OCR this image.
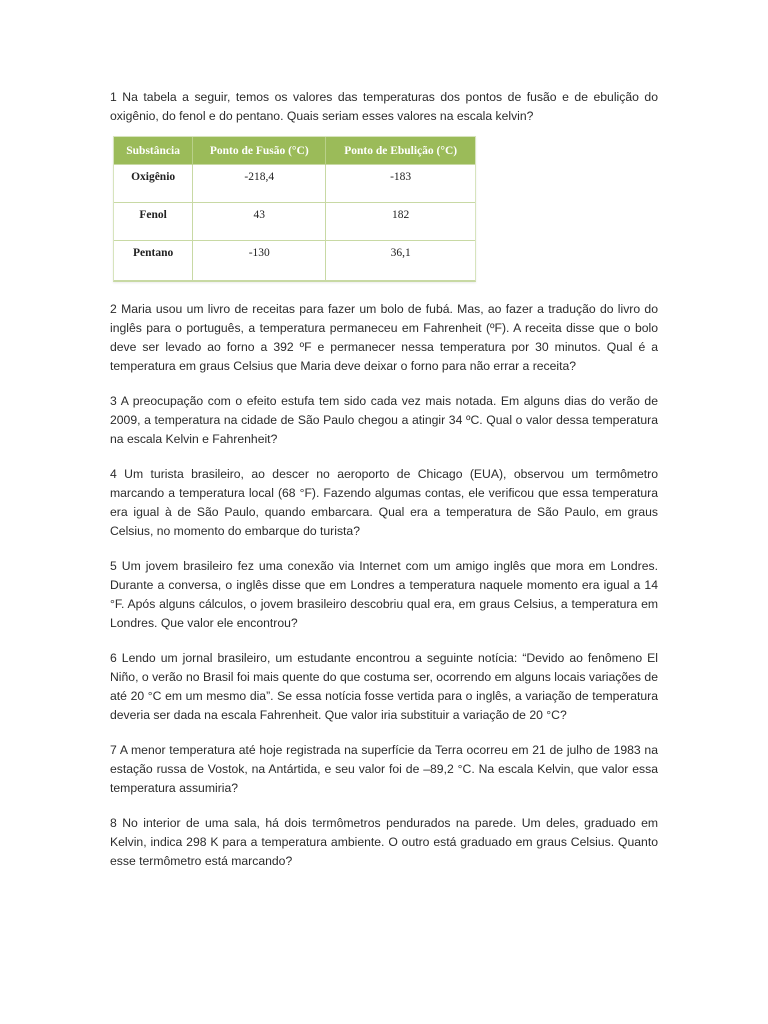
1 Na tabela a seguir, temos os valores das temperaturas dos pontos de fusão e de ebulição do oxigênio, do fenol e do pentano. Quais seriam esses valores na escala kelvin?

Substância	Ponto de Fusão (°C)	Ponto de Ebulição (°C)
Oxigênio	-218,4	-183
Fenol	43	182
Pentano	-130	36,1

2 Maria usou um livro de receitas para fazer um bolo de fubá. Mas, ao fazer a tradução do livro do inglês para o português, a temperatura permaneceu em Fahrenheit (ºF). A receita disse que o bolo deve ser levado ao forno a 392 ºF e permanecer nessa temperatura por 30 minutos. Qual é a temperatura em graus Celsius que Maria deve deixar o forno para não errar a receita?

3 A preocupação com o efeito estufa tem sido cada vez mais notada. Em alguns dias do verão de 2009, a temperatura na cidade de São Paulo chegou a atingir 34 ºC. Qual o valor dessa temperatura na escala Kelvin e Fahrenheit?

4 Um turista brasileiro, ao descer no aeroporto de Chicago (EUA), observou um termômetro marcando a temperatura local (68 °F). Fazendo algumas contas, ele verificou que essa temperatura era igual à de São Paulo, quando embarcara. Qual era a temperatura de São Paulo, em graus Celsius, no momento do embarque do turista?

5 Um jovem brasileiro fez uma conexão via Internet com um amigo inglês que mora em Londres. Durante a conversa, o inglês disse que em Londres a temperatura naquele momento era igual a 14 °F. Após alguns cálculos, o jovem brasileiro descobriu qual era, em graus Celsius, a temperatura em Londres. Que valor ele encontrou?

6 Lendo um jornal brasileiro, um estudante encontrou a seguinte notícia: “Devido ao fenômeno El Niño, o verão no Brasil foi mais quente do que costuma ser, ocorrendo em alguns locais variações de até 20 °C em um mesmo dia”. Se essa notícia fosse vertida para o inglês, a variação de temperatura deveria ser dada na escala Fahrenheit. Que valor iria substituir a variação de 20 °C?

7 A menor temperatura até hoje registrada na superfície da Terra ocorreu em 21 de julho de 1983 na estação russa de Vostok, na Antártida, e seu valor foi de –89,2 °C. Na escala Kelvin, que valor essa temperatura assumiria?

8 No interior de uma sala, há dois termômetros pendurados na parede. Um deles, graduado em Kelvin, indica 298 K para a temperatura ambiente. O outro está graduado em graus Celsius. Quanto esse termômetro está marcando?
